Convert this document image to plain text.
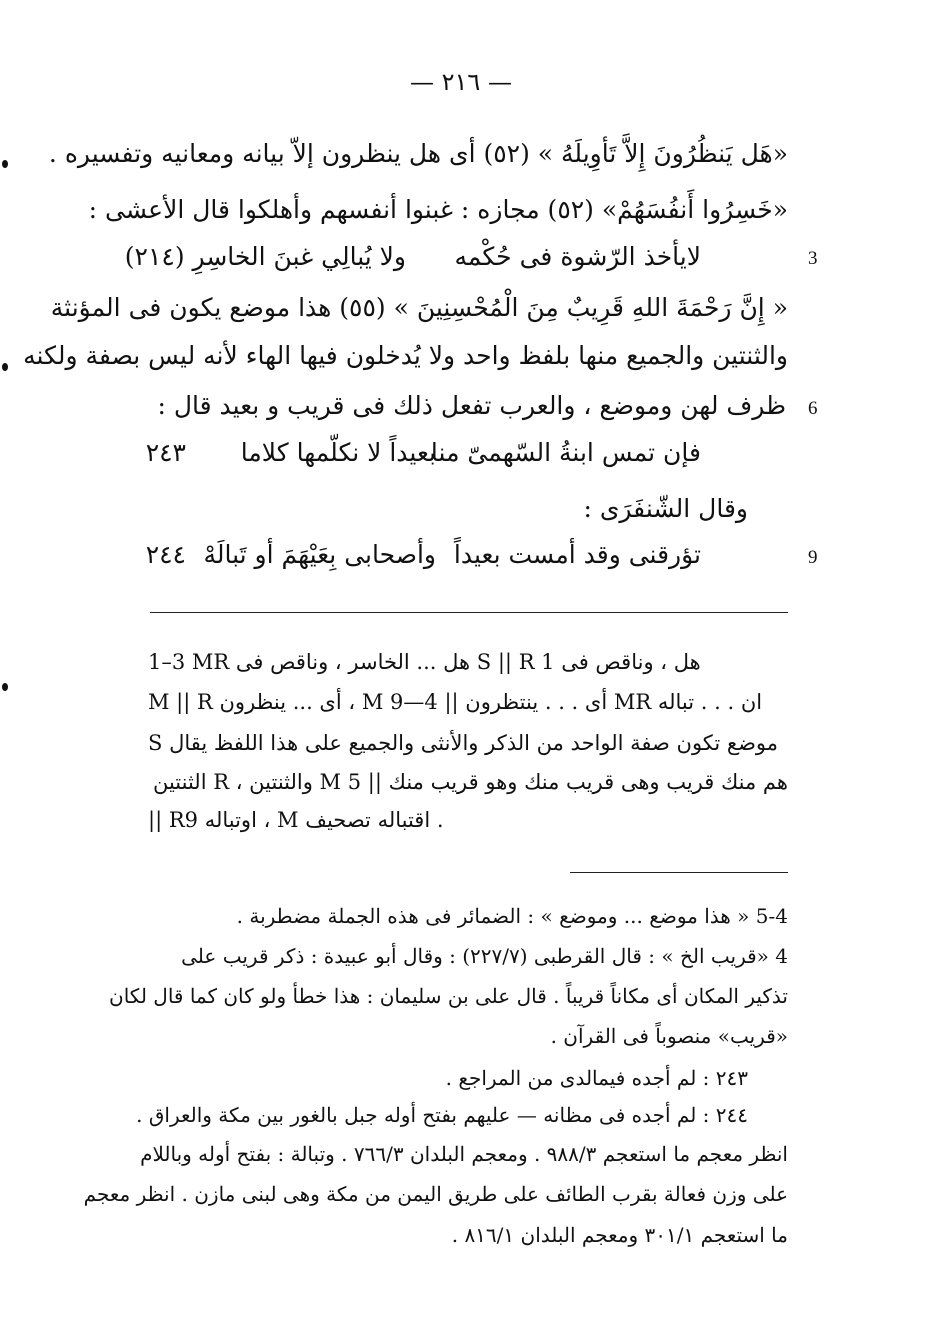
— ٢١٦ —
«هَل يَنظُرُونَ إِلاَّ تَأوِيلَهُ » (٥٢) أى هل ينظرون إلاّ بيانه ومعانيه وتفسيره .
«خَسِرُوا أَنفُسَهُمْ» (٥٢) مجازه : غبنوا أنفسهم وأهلكوا قال الأعشى :
3
لايأخذ الرّشوة فى حُكْمه
ولا يُبالِي غبنَ الخاسِرِ (٢١٤)
« إِنَّ رَحْمَةَ اللهِ قَرِيبٌ مِنَ الْمُحْسِنِينَ » (٥٥) هذا موضع يكون فى المؤنثة
والثنتين والجميع منها بلفظ واحد ولا يُدخلون فيها الهاء لأنه ليس بصفة ولكنه
6
ظرف لهن وموضع ، والعرب تفعل ذلك فى قريب و بعيد قال :
فإن تمس ابنةُ السّهمىّ منا
بعيداً لا نكلّمها كلاما
٢٤٣
وقال الشّنفَرَى :
9
تؤرقنى وقد أمست بعيداً
وأصحابى بِعَيْهَمَ أو تَبالَهْ
٢٤٤
1–3 MR هل ... الخاسر ، وناقص فى S || R 1 هل ، وناقص فى
M || R أى ... ينظرون ، M أى . . . ينتظرون || 4—9 MR ان . . . تباله
S موضع تكون صفة الواحد من الذكر والأنثى والجميع على هذا اللفظ يقال
هم منك قريب وهى قريب منك وهو قريب منك || 5 M والثنتين ، R الثنتين
|| R9 اوتباله ، M اقتباله تصحيف .
5-4 « هذا موضع ... وموضع » : الضمائر فى هذه الجملة مضطربة .
4 «قريب الخ » : قال القرطبى (٢٢٧/٧) : وقال أبو عبيدة : ذكر قريب على
تذكير المكان أى مكاناً قريباً . قال على بن سليمان : هذا خطأ ولو كان كما قال لكان
«قريب» منصوباً فى القرآن .
٢٤٣ : لم أجده فيمالدى من المراجع .
٢٤٤ : لم أجده فى مظانه — عليهم بفتح أوله جبل بالغور بين مكة والعراق .
انظر معجم ما استعجم ٩٨٨/٣ . ومعجم البلدان ٧٦٦/٣ . وتبالة : بفتح أوله وباللام
على وزن فعالة بقرب الطائف على طريق اليمن من مكة وهى لبنى مازن . انظر معجم
ما استعجم ٣٠١/١ ومعجم البلدان ٨١٦/١ .
